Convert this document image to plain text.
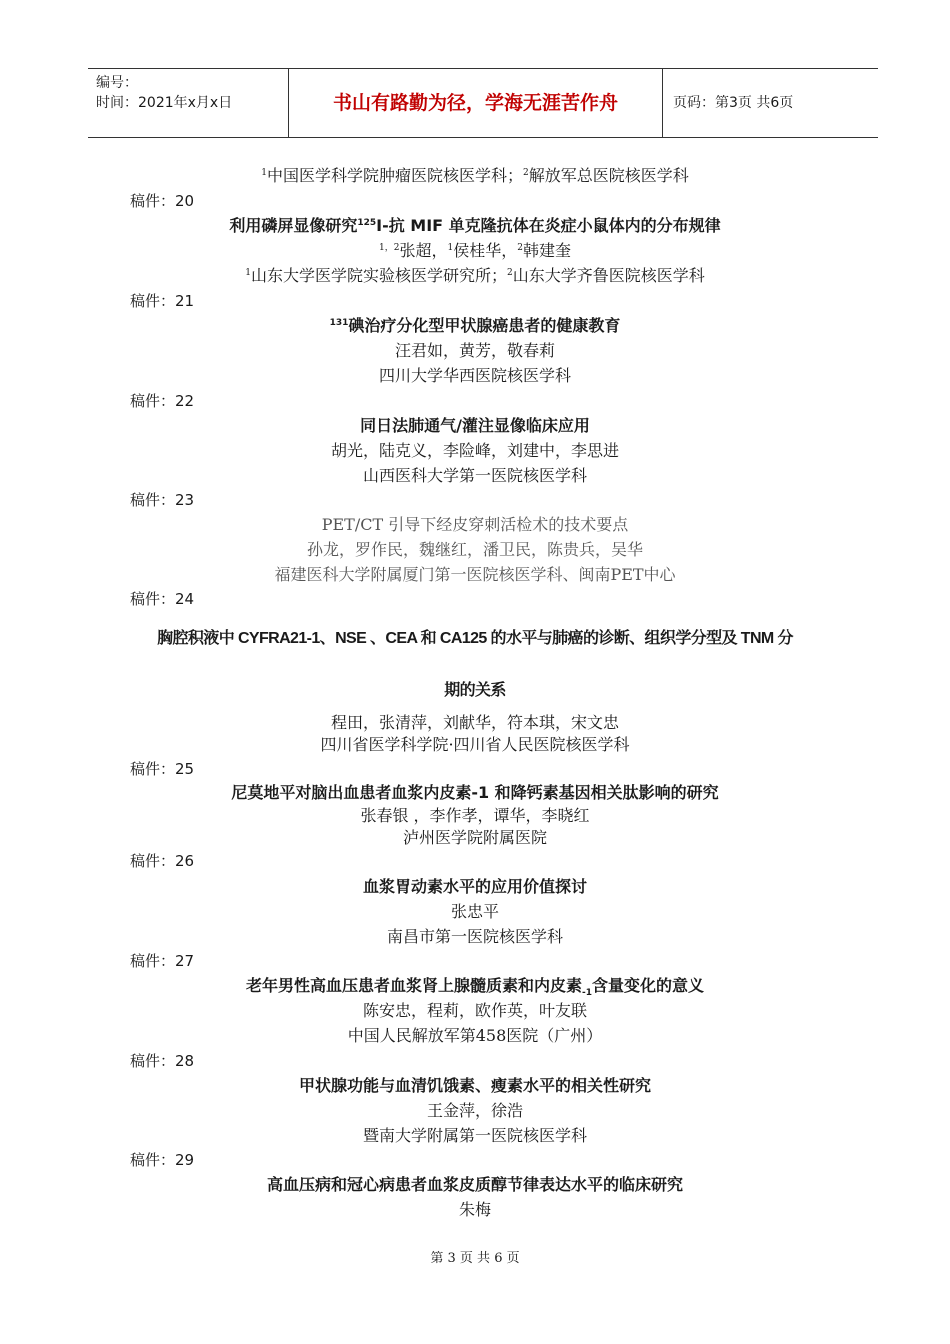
编号：
时间：2021年x月x日	书山有路勤为径，学海无涯苦作舟	页码：第3页 共6页
$^1$中国医学科学院肿瘤医院核医学科；$^2$解放军总医院核医学科
稿件：20
利用磷屏显像研究$^{125}$I-抗 MIF 单克隆抗体在炎症小鼠体内的分布规律
$^{1,2}$张超，$^1$侯桂华，$^2$韩建奎
$^1$山东大学医学院实验核医学研究所；$^2$山东大学齐鲁医院核医学科
稿件：21
$^{131}$碘治疗分化型甲状腺癌患者的健康教育
汪君如，黄芳，敬春莉
四川大学华西医院核医学科
稿件：22
同日法肺通气/灌注显像临床应用
胡光，陆克义，李险峰，刘建中，李思进
山西医科大学第一医院核医学科
稿件：23
PET/CT 引导下经皮穿刺活检术的技术要点
孙龙，罗作民，魏继红，潘卫民，陈贵兵，吴华
福建医科大学附属厦门第一医院核医学科、闽南PET中心
稿件：24
胸腔积液中 CYFRA21-1、NSE 、CEA 和 CA125 的水平与肺癌的诊断、组织学分型及 TNM 分
期的关系
程田，张清萍，刘献华，符本琪，宋文忠
四川省医学科学院·四川省人民医院核医学科
稿件：25
尼莫地平对脑出血患者血浆内皮素-1 和降钙素基因相关肽影响的研究
张春银 ，李作孝，谭华，李晓红
泸州医学院附属医院
稿件：26
血浆胃动素水平的应用价值探讨
张忠平
南昌市第一医院核医学科
稿件：27
老年男性高血压患者血浆肾上腺髓质素和内皮素$_{-1}$含量变化的意义
陈安忠，程莉，欧作英，叶友联
中国人民解放军第458医院（广州）
稿件：28
甲状腺功能与血清饥饿素、瘦素水平的相关性研究
王金萍，徐浩
暨南大学附属第一医院核医学科
稿件：29
高血压病和冠心病患者血浆皮质醇节律表达水平的临床研究
朱梅
第 3 页 共 6 页
